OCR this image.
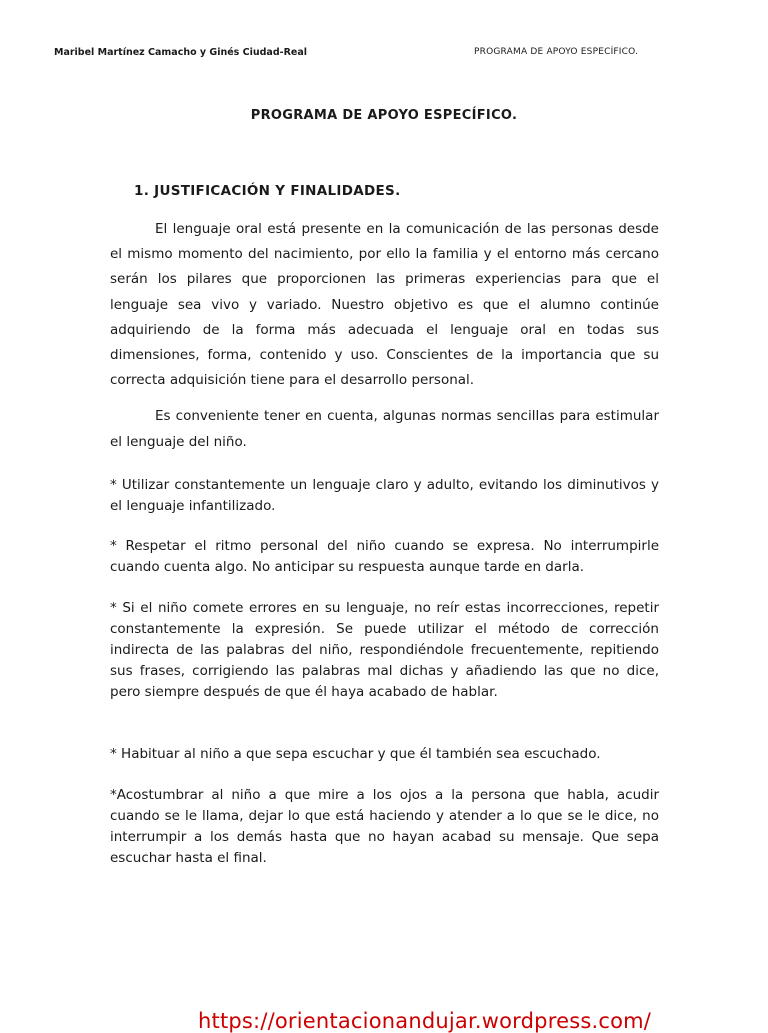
Maribel Martínez Camacho y Ginés Ciudad-Real	PROGRAMA DE APOYO ESPECÍFICO.
PROGRAMA DE APOYO ESPECÍFICO.
1. JUSTIFICACIÓN Y FINALIDADES.

El lenguaje oral está presente en la comunicación de las personas desde el mismo momento del nacimiento, por ello la familia y el entorno más cercano serán los pilares que proporcionen las primeras experiencias para que el lenguaje sea vivo y variado. Nuestro objetivo es que el alumno continúe adquiriendo de la forma más adecuada el lenguaje oral en todas sus dimensiones, forma, contenido y uso. Conscientes de la importancia que su correcta adquisición tiene para el desarrollo personal.

Es conveniente tener en cuenta, algunas normas sencillas para estimular el lenguaje del niño.

* Utilizar constantemente un lenguaje claro y adulto, evitando los diminutivos y el lenguaje infantilizado.

* Respetar el ritmo personal del niño cuando se expresa. No interrumpirle cuando cuenta algo. No anticipar su respuesta aunque tarde en darla.

* Si el niño comete errores en su lenguaje, no reír estas incorrecciones, repetir constantemente la expresión. Se puede utilizar el método de corrección indirecta de las palabras del niño, respondiéndole frecuentemente, repitiendo sus frases, corrigiendo las palabras mal dichas y añadiendo las que no dice, pero siempre después de que él haya acabado de hablar.

* Habituar al niño a que sepa escuchar y que él también sea escuchado.

*Acostumbrar al niño a que mire a los ojos a la persona que habla, acudir cuando se le llama, dejar lo que está haciendo y atender a lo que se le dice, no interrumpir a los demás hasta que no hayan acabad su mensaje. Que sepa escuchar hasta el final.

https://orientacionandujar.wordpress.com/
